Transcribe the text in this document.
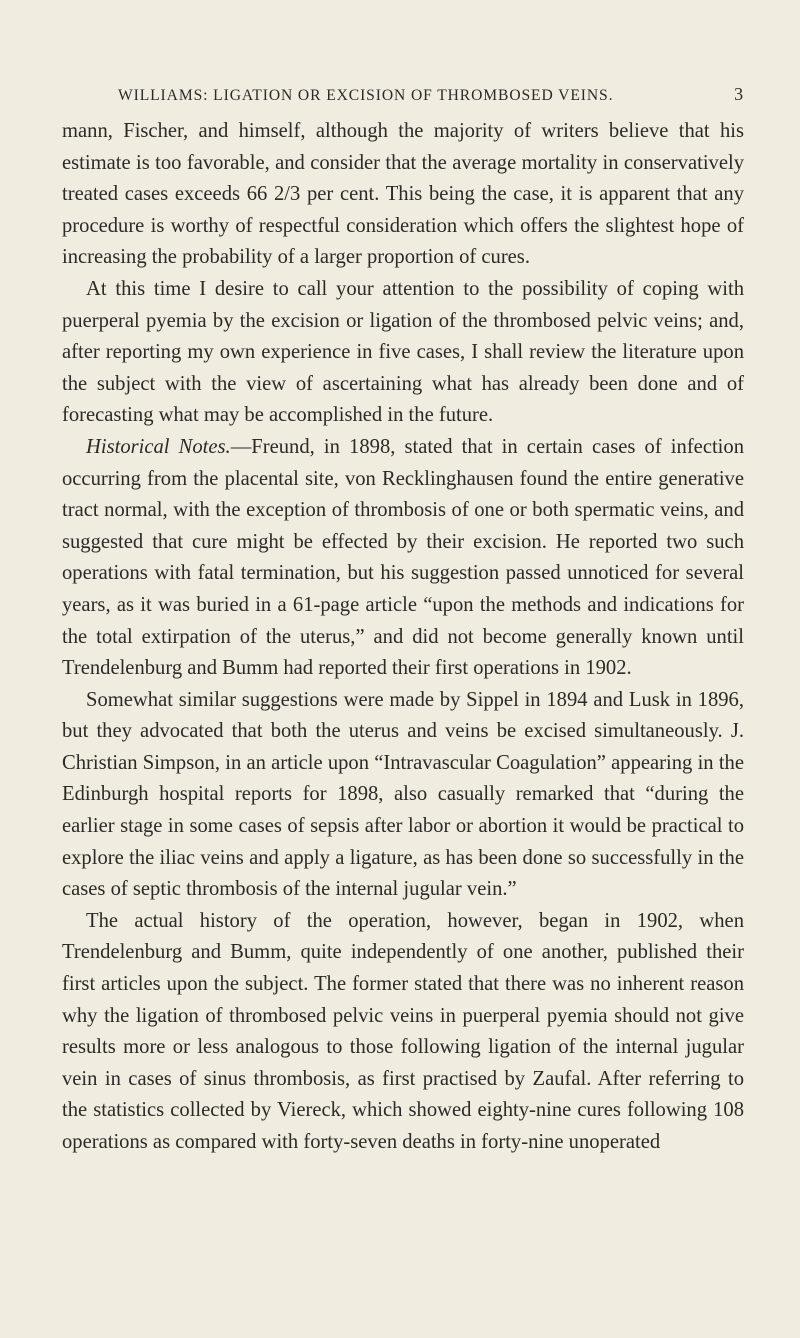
WILLIAMS: LIGATION OR EXCISION OF THROMBOSED VEINS.	3

mann, Fischer, and himself, although the majority of writers believe that his estimate is too favorable, and consider that the average mortality in conservatively treated cases exceeds 66 2/3 per cent. This being the case, it is apparent that any procedure is worthy of respectful consideration which offers the slightest hope of increasing the probability of a larger proportion of cures.

At this time I desire to call your attention to the possibility of coping with puerperal pyemia by the excision or ligation of the thrombosed pelvic veins; and, after reporting my own experience in five cases, I shall review the literature upon the subject with the view of ascertaining what has already been done and of forecasting what may be accomplished in the future.

Historical Notes.—Freund, in 1898, stated that in certain cases of infection occurring from the placental site, von Recklinghausen found the entire generative tract normal, with the exception of thrombosis of one or both spermatic veins, and suggested that cure might be effected by their excision. He reported two such operations with fatal termination, but his suggestion passed unnoticed for several years, as it was buried in a 61-page article “upon the methods and indications for the total extirpation of the uterus,” and did not become generally known until Trendelenburg and Bumm had reported their first operations in 1902.

Somewhat similar suggestions were made by Sippel in 1894 and Lusk in 1896, but they advocated that both the uterus and veins be excised simultaneously. J. Christian Simpson, in an article upon “Intravascular Coagulation” appearing in the Edinburgh hospital reports for 1898, also casually remarked that “during the earlier stage in some cases of sepsis after labor or abortion it would be practical to explore the iliac veins and apply a ligature, as has been done so successfully in the cases of septic thrombosis of the internal jugular vein.”

The actual history of the operation, however, began in 1902, when Trendelenburg and Bumm, quite independently of one another, published their first articles upon the subject. The former stated that there was no inherent reason why the ligation of thrombosed pelvic veins in puerperal pyemia should not give results more or less analogous to those following ligation of the internal jugular vein in cases of sinus thrombosis, as first practised by Zaufal. After referring to the statistics collected by Viereck, which showed eighty-nine cures following 108 operations as compared with forty-seven deaths in forty-nine unoperated
